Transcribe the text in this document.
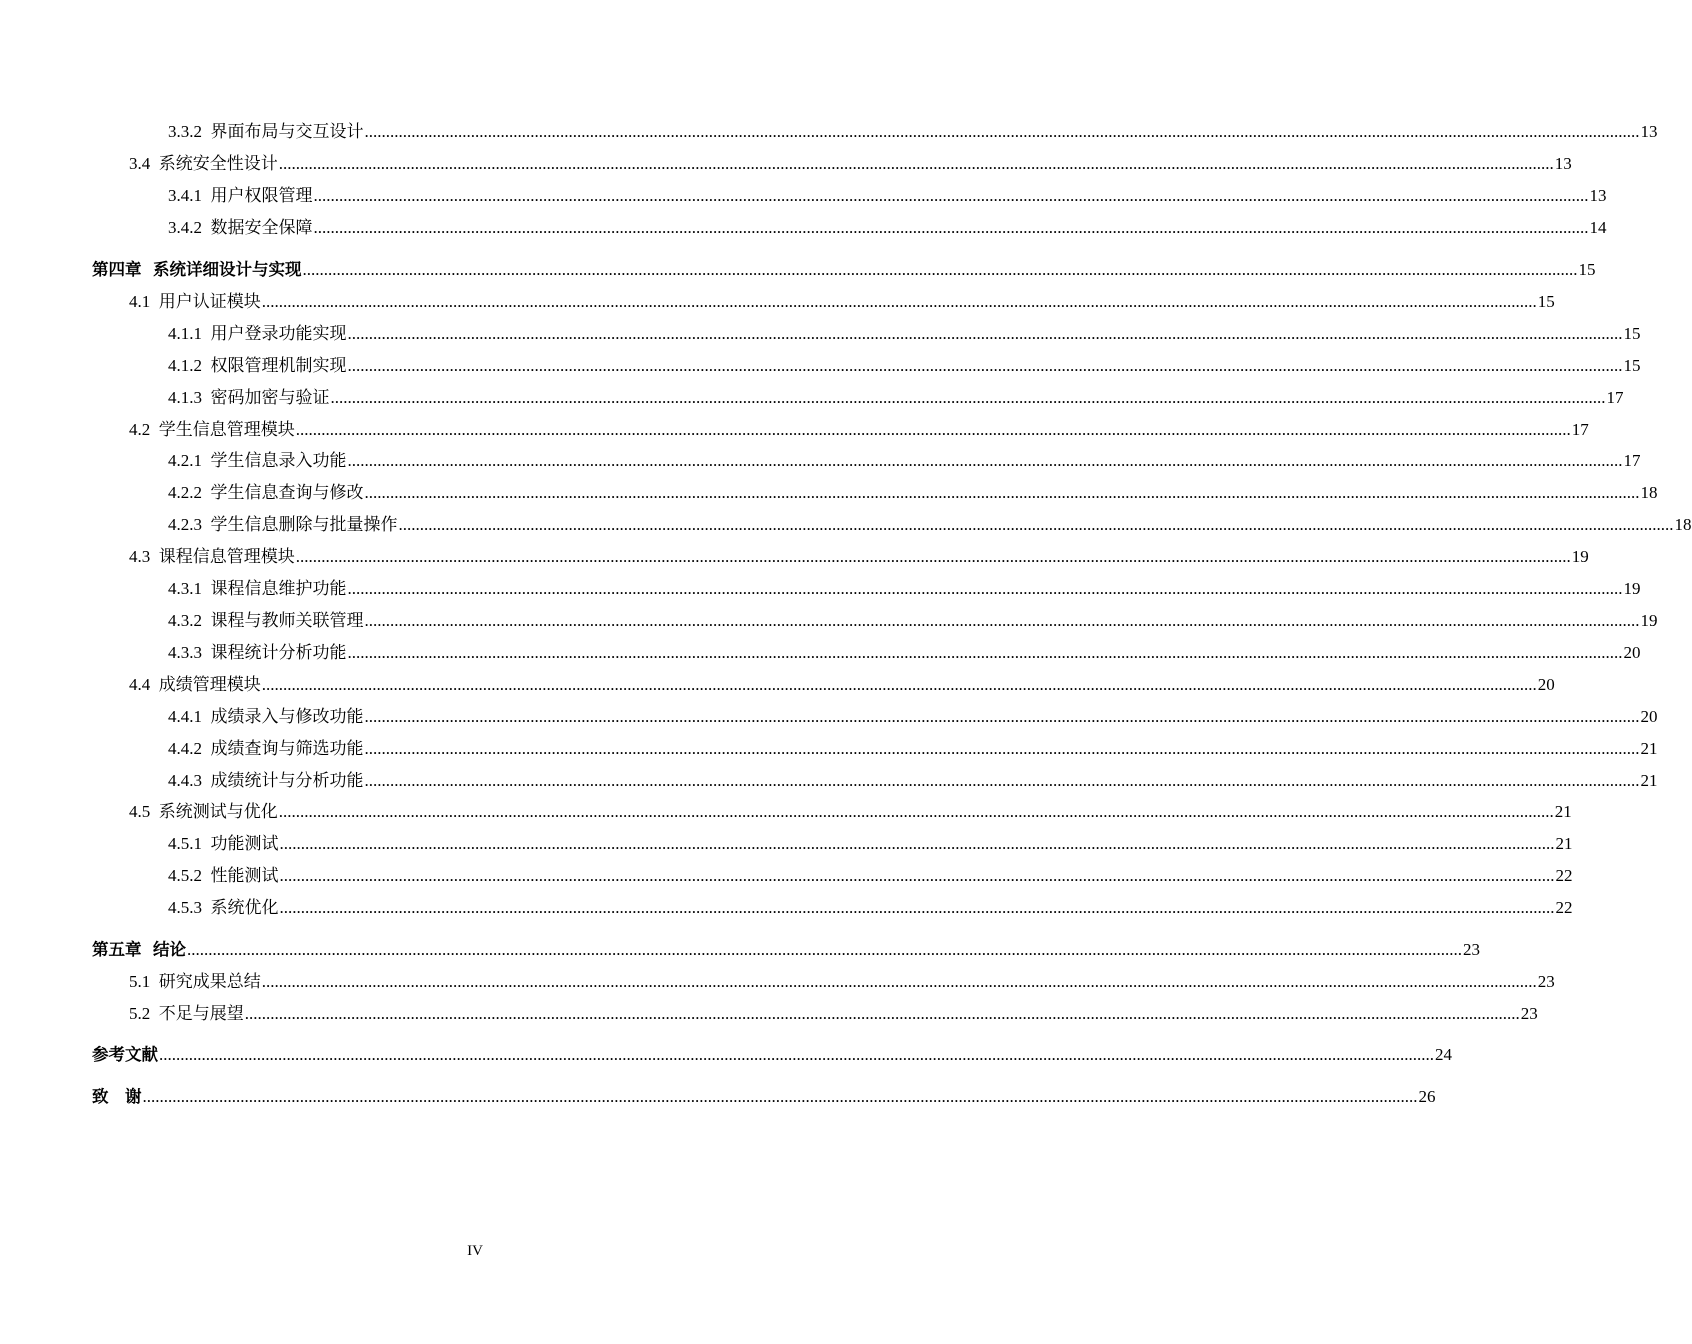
3.3.2  界面布局与交互设计 ............................................................................................................................................................................................................................................................................................................ 13
3.4  系统安全性设计 ............................................................................................................................................................................................................................................................................................................ 13
3.4.1  用户权限管理 ............................................................................................................................................................................................................................................................................................................ 13
3.4.2  数据安全保障 ............................................................................................................................................................................................................................................................................................................ 14
第四章  系统详细设计与实现 ............................................................................................................................................................................................................................................................................................................ 15
4.1  用户认证模块 ............................................................................................................................................................................................................................................................................................................ 15
4.1.1  用户登录功能实现 ............................................................................................................................................................................................................................................................................................................ 15
4.1.2  权限管理机制实现 ............................................................................................................................................................................................................................................................................................................ 15
4.1.3  密码加密与验证 ............................................................................................................................................................................................................................................................................................................ 17
4.2  学生信息管理模块 ............................................................................................................................................................................................................................................................................................................ 17
4.2.1  学生信息录入功能 ............................................................................................................................................................................................................................................................................................................ 17
4.2.2  学生信息查询与修改 ............................................................................................................................................................................................................................................................................................................ 18
4.2.3  学生信息删除与批量操作 ............................................................................................................................................................................................................................................................................................................ 18
4.3  课程信息管理模块 ............................................................................................................................................................................................................................................................................................................ 19
4.3.1  课程信息维护功能 ............................................................................................................................................................................................................................................................................................................ 19
4.3.2  课程与教师关联管理 ............................................................................................................................................................................................................................................................................................................ 19
4.3.3  课程统计分析功能 ............................................................................................................................................................................................................................................................................................................ 20
4.4  成绩管理模块 ............................................................................................................................................................................................................................................................................................................ 20
4.4.1  成绩录入与修改功能 ............................................................................................................................................................................................................................................................................................................ 20
4.4.2  成绩查询与筛选功能 ............................................................................................................................................................................................................................................................................................................ 21
4.4.3  成绩统计与分析功能 ............................................................................................................................................................................................................................................................................................................ 21
4.5  系统测试与优化 ............................................................................................................................................................................................................................................................................................................ 21
4.5.1  功能测试 ............................................................................................................................................................................................................................................................................................................ 21
4.5.2  性能测试 ............................................................................................................................................................................................................................................................................................................ 22
4.5.3  系统优化 ............................................................................................................................................................................................................................................................................................................ 22
第五章  结论 ............................................................................................................................................................................................................................................................................................................ 23
5.1  研究成果总结 ............................................................................................................................................................................................................................................................................................................ 23
5.2  不足与展望 ............................................................................................................................................................................................................................................................................................................ 23
参考文献 ............................................................................................................................................................................................................................................................................................................ 24
致　谢 ............................................................................................................................................................................................................................................................................................................ 26
IV
